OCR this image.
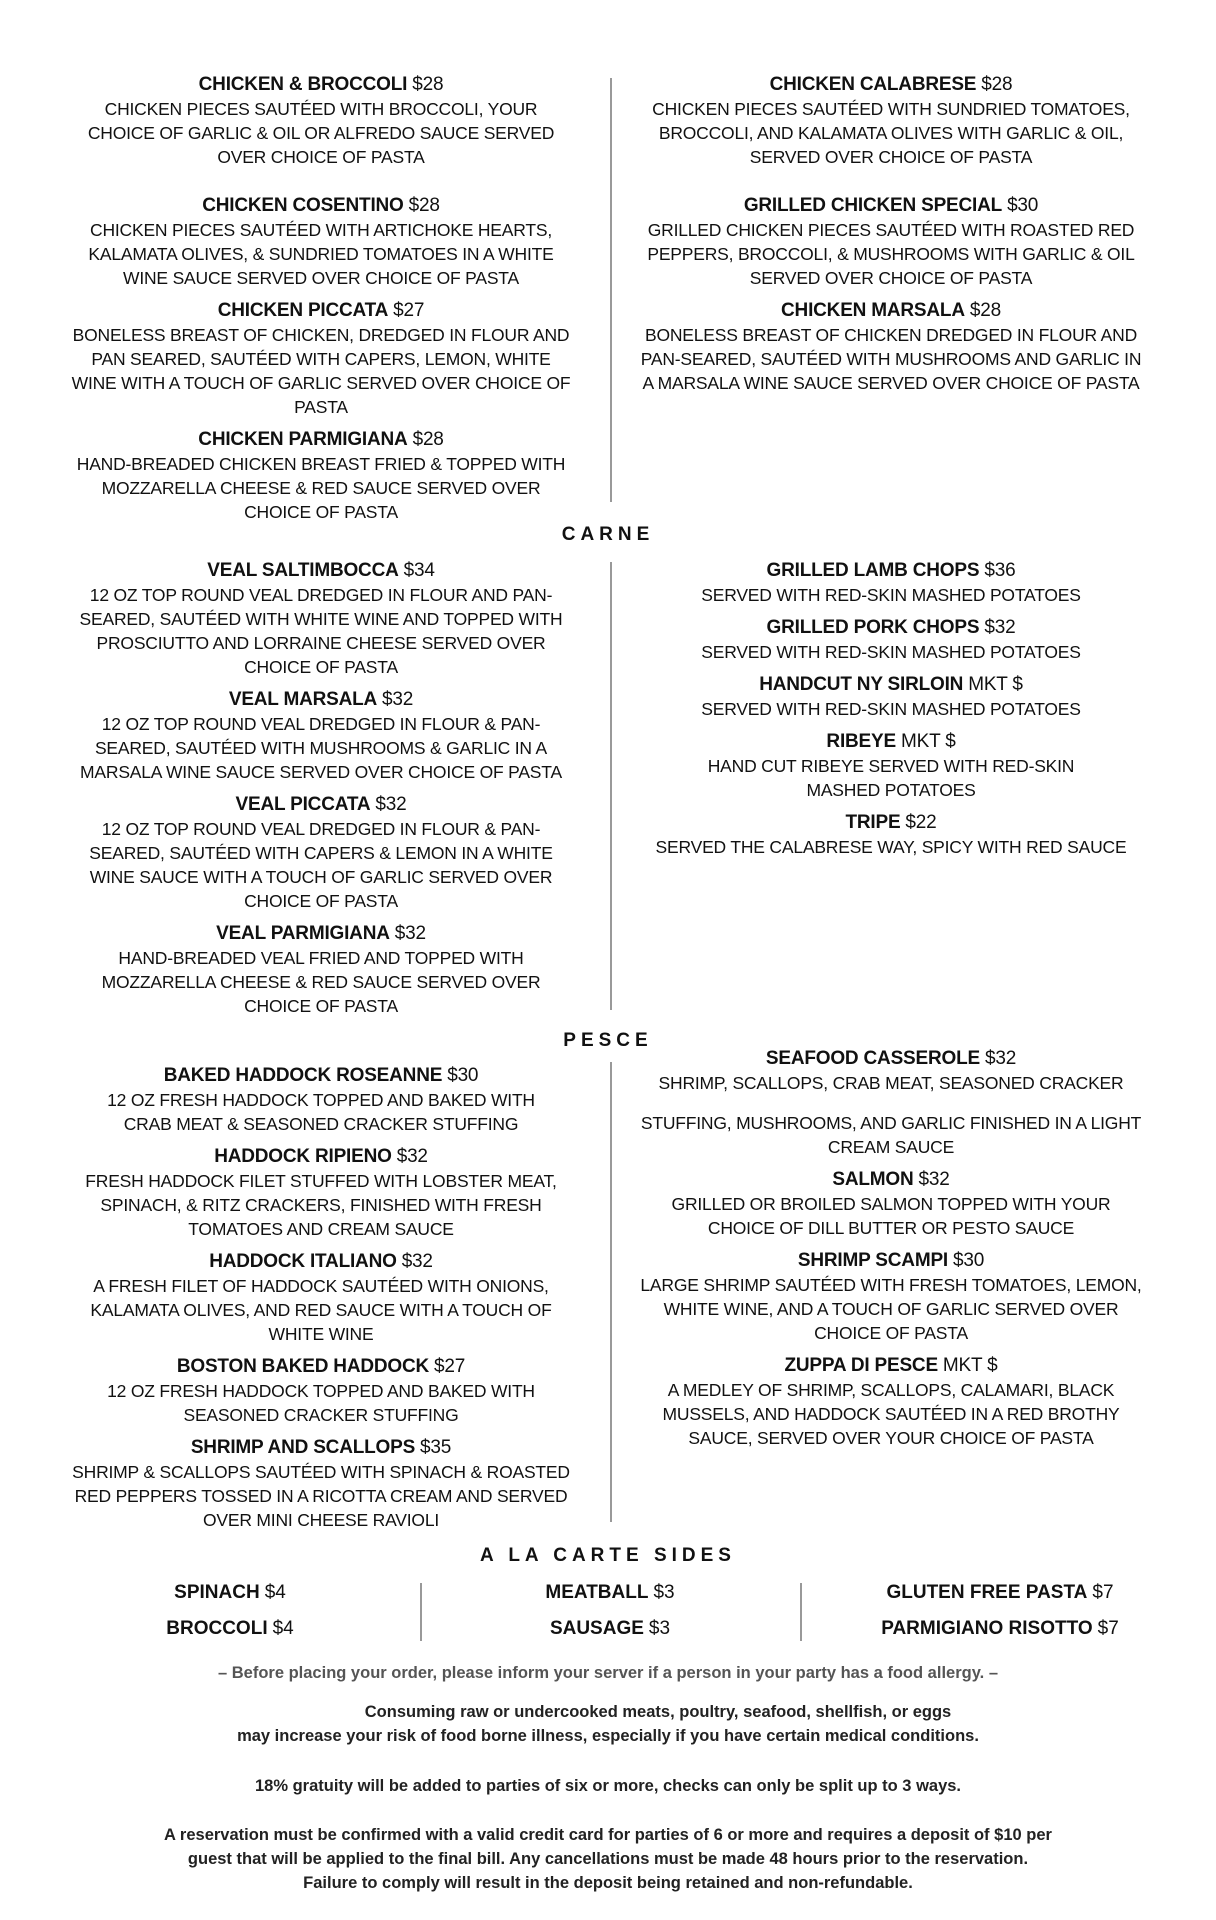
CHICKEN & BROCCOLI $28
CHICKEN PIECES SAUTÉED WITH BROCCOLI, YOUR CHOICE OF GARLIC & OIL OR ALFREDO SAUCE SERVED OVER CHOICE OF PASTA
CHICKEN COSENTINO $28
CHICKEN PIECES SAUTÉED WITH ARTICHOKE HEARTS, KALAMATA OLIVES, & SUNDRIED TOMATOES IN A WHITE WINE SAUCE SERVED OVER CHOICE OF PASTA
CHICKEN PICCATA $27
BONELESS BREAST OF CHICKEN, DREDGED IN FLOUR AND PAN SEARED, SAUTÉED WITH CAPERS, LEMON, WHITE WINE WITH A TOUCH OF GARLIC SERVED OVER CHOICE OF PASTA
CHICKEN PARMIGIANA $28
HAND-BREADED CHICKEN BREAST FRIED & TOPPED WITH MOZZARELLA CHEESE & RED SAUCE SERVED OVER CHOICE OF PASTA
CHICKEN CALABRESE $28
CHICKEN PIECES SAUTÉED WITH SUNDRIED TOMATOES, BROCCOLI, AND KALAMATA OLIVES WITH GARLIC & OIL, SERVED OVER CHOICE OF PASTA
GRILLED CHICKEN SPECIAL $30
GRILLED CHICKEN PIECES SAUTÉED WITH ROASTED RED PEPPERS, BROCCOLI, & MUSHROOMS WITH GARLIC & OIL SERVED OVER CHOICE OF PASTA
CHICKEN MARSALA $28
BONELESS BREAST OF CHICKEN DREDGED IN FLOUR AND PAN-SEARED, SAUTÉED WITH MUSHROOMS AND GARLIC IN A MARSALA WINE SAUCE SERVED OVER CHOICE OF PASTA
CARNE
VEAL SALTIMBOCCA $34
12 OZ TOP ROUND VEAL DREDGED IN FLOUR AND PAN-SEARED, SAUTÉED WITH WHITE WINE AND TOPPED WITH PROSCIUTTO AND LORRAINE CHEESE SERVED OVER CHOICE OF PASTA
VEAL MARSALA $32
12 OZ TOP ROUND VEAL DREDGED IN FLOUR & PAN-SEARED, SAUTÉED WITH MUSHROOMS & GARLIC IN A MARSALA WINE SAUCE SERVED OVER CHOICE OF PASTA
VEAL PICCATA $32
12 OZ TOP ROUND VEAL DREDGED IN FLOUR & PAN-SEARED, SAUTÉED WITH CAPERS & LEMON IN A WHITE WINE SAUCE WITH A TOUCH OF GARLIC SERVED OVER CHOICE OF PASTA
VEAL PARMIGIANA $32
HAND-BREADED VEAL FRIED AND TOPPED WITH MOZZARELLA CHEESE & RED SAUCE SERVED OVER CHOICE OF PASTA
GRILLED LAMB CHOPS $36
SERVED WITH RED-SKIN MASHED POTATOES
GRILLED PORK CHOPS $32
SERVED WITH RED-SKIN MASHED POTATOES
HANDCUT NY SIRLOIN MKT $
SERVED WITH RED-SKIN MASHED POTATOES
RIBEYE MKT $
HAND CUT RIBEYE SERVED WITH RED-SKIN MASHED POTATOES
TRIPE $22
SERVED THE CALABRESE WAY, SPICY WITH RED SAUCE
PESCE
BAKED HADDOCK ROSEANNE $30
12 OZ FRESH HADDOCK TOPPED AND BAKED WITH CRAB MEAT & SEASONED CRACKER STUFFING
HADDOCK RIPIENO $32
FRESH HADDOCK FILET STUFFED WITH LOBSTER MEAT, SPINACH, & RITZ CRACKERS, FINISHED WITH FRESH TOMATOES AND CREAM SAUCE
HADDOCK ITALIANO $32
A FRESH FILET OF HADDOCK SAUTÉED WITH ONIONS, KALAMATA OLIVES, AND RED SAUCE WITH A TOUCH OF WHITE WINE
BOSTON BAKED HADDOCK $27
12 OZ FRESH HADDOCK TOPPED AND BAKED WITH SEASONED CRACKER STUFFING
SHRIMP AND SCALLOPS $35
SHRIMP & SCALLOPS SAUTÉED WITH SPINACH & ROASTED RED PEPPERS TOSSED IN A RICOTTA CREAM AND SERVED OVER MINI CHEESE RAVIOLI
SEAFOOD CASSEROLE $32
SHRIMP, SCALLOPS, CRAB MEAT, SEASONED CRACKER
STUFFING, MUSHROOMS, AND GARLIC FINISHED IN A LIGHT CREAM SAUCE
SALMON $32
GRILLED OR BROILED SALMON TOPPED WITH YOUR CHOICE OF DILL BUTTER OR PESTO SAUCE
SHRIMP SCAMPI $30
LARGE SHRIMP SAUTÉED WITH FRESH TOMATOES, LEMON, WHITE WINE, AND A TOUCH OF GARLIC SERVED OVER CHOICE OF PASTA
ZUPPA DI PESCE MKT $
A MEDLEY OF SHRIMP, SCALLOPS, CALAMARI, BLACK MUSSELS, AND HADDOCK SAUTÉED IN A RED BROTHY SAUCE, SERVED OVER YOUR CHOICE OF PASTA
A LA CARTE SIDES
SPINACH $4
BROCCOLI $4
MEATBALL $3
SAUSAGE $3
GLUTEN FREE PASTA $7
PARMIGIANO RISOTTO $7
– Before placing your order, please inform your server if a person in your party has a food allergy. –
Consuming raw or undercooked meats, poultry, seafood, shellfish, or eggs
may increase your risk of food borne illness, especially if you have certain medical conditions.
18% gratuity will be added to parties of six or more, checks can only be split up to 3 ways.
A reservation must be confirmed with a valid credit card for parties of 6 or more and requires a deposit of $10 per guest that will be applied to the final bill. Any cancellations must be made 48 hours prior to the reservation. Failure to comply will result in the deposit being retained and non-refundable.
